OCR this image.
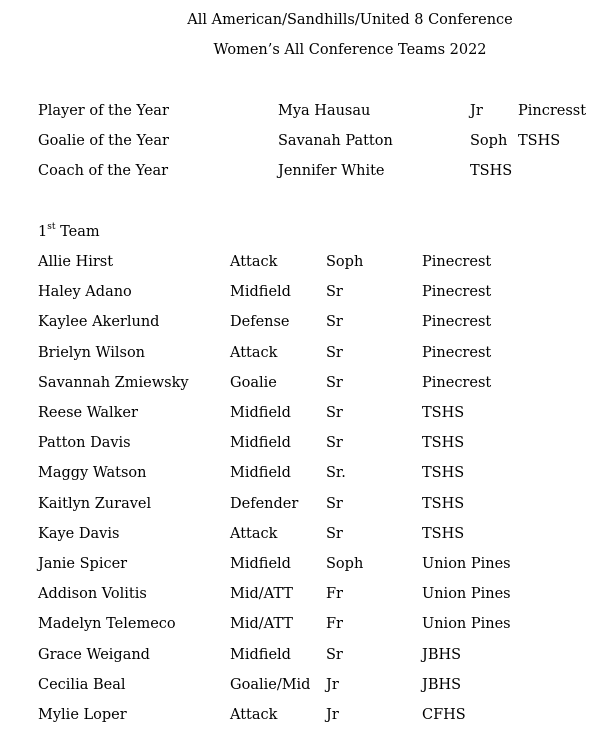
All American/Sandhills/United 8 Conference
Women’s All Conference Teams 2022
Player of the Year	Mya Hausau	Jr Pincresst
Goalie of the Year	Savanah Patton	Soph TSHS
Coach of the Year	Jennifer White	TSHS
1st Team
Allie Hirst	Attack	Soph	Pinecrest
Haley Adano	Midfield Sr	Pinecrest
Kaylee Akerlund	Defense	Sr	Pinecrest
Brielyn Wilson	Attack	Sr	Pinecrest
Savannah Zmiewsky	Goalie	Sr	Pinecrest
Reese Walker	Midfield Sr	TSHS
Patton Davis	Midfield Sr	TSHS
Maggy Watson	Midfield Sr.	TSHS
Kaitlyn Zuravel	Defender Sr	TSHS
Kaye Davis	Attack	Sr	TSHS
Janie Spicer	Midfield Soph	Union Pines
Addison Volitis	Mid/ATT Fr	Union Pines
Madelyn Telemeco	Mid/ATT Fr	Union Pines
Grace Weigand	Midfield Sr	JBHS
Cecilia Beal	Goalie/Mid Jr	JBHS
Mylie Loper	Attack	Jr	CFHS
